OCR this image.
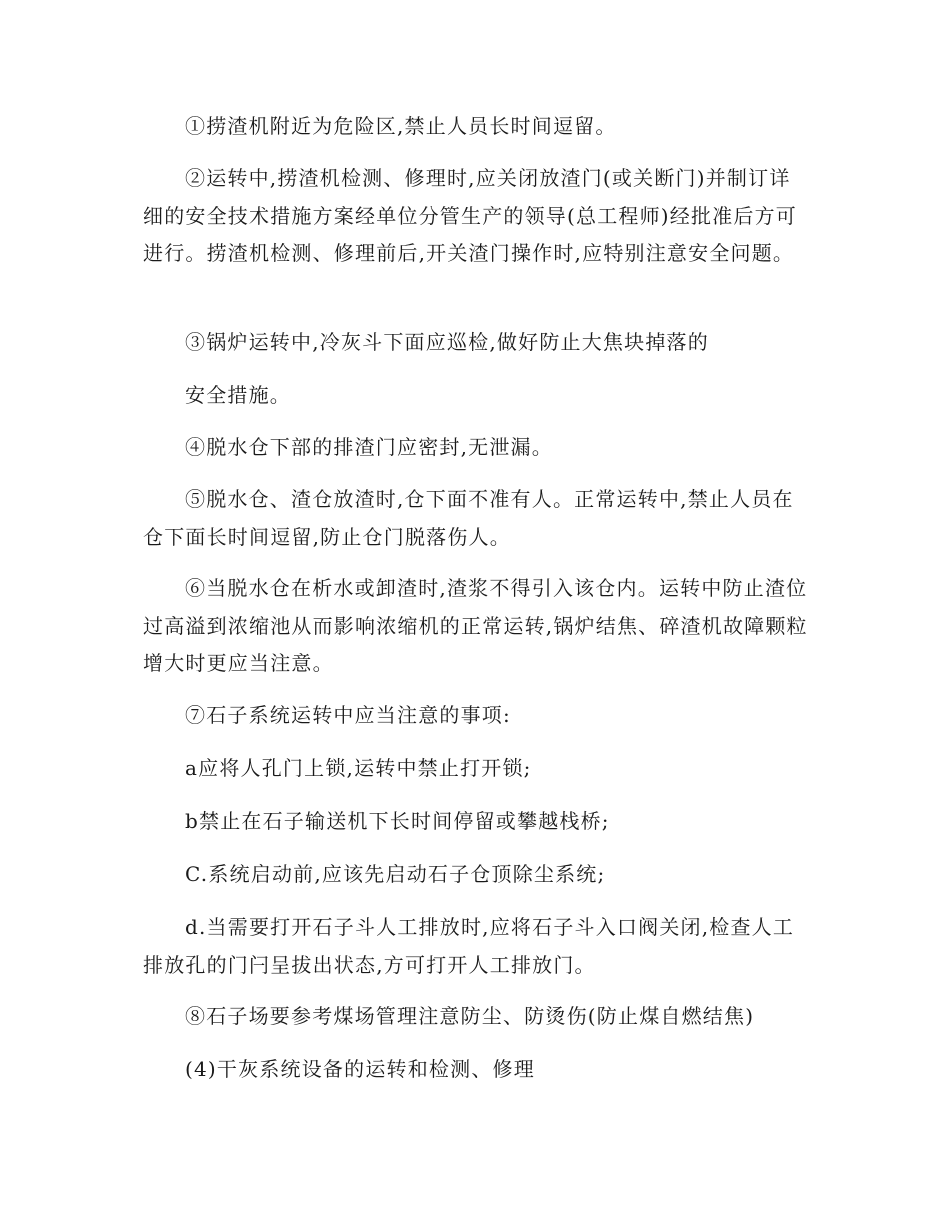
①捞渣机附近为危险区,禁止人员长时间逗留。

②运转中,捞渣机检测、修理时,应关闭放渣门(或关断门)并制订详细的安全技术措施方案经单位分管生产的领导(总工程师)经批准后方可进行。捞渣机检测、修理前后,开关渣门操作时,应特别注意安全问题。

③锅炉运转中,冷灰斗下面应巡检,做好防止大焦块掉落的

安全措施。

④脱水仓下部的排渣门应密封,无泄漏。

⑤脱水仓、渣仓放渣时,仓下面不准有人。正常运转中,禁止人员在仓下面长时间逗留,防止仓门脱落伤人。

⑥当脱水仓在析水或卸渣时,渣浆不得引入该仓内。运转中防止渣位过高溢到浓缩池从而影响浓缩机的正常运转,锅炉结焦、碎渣机故障颗粒增大时更应当注意。

⑦石子系统运转中应当注意的事项:

a应将人孔门上锁,运转中禁止打开锁;

b禁止在石子输送机下长时间停留或攀越栈桥;

C.系统启动前,应该先启动石子仓顶除尘系统;

d.当需要打开石子斗人工排放时,应将石子斗入口阀关闭,检查人工排放孔的门闩呈拔出状态,方可打开人工排放门。

⑧石子场要参考煤场管理注意防尘、防烫伤(防止煤自燃结焦)

(4)干灰系统设备的运转和检测、修理
